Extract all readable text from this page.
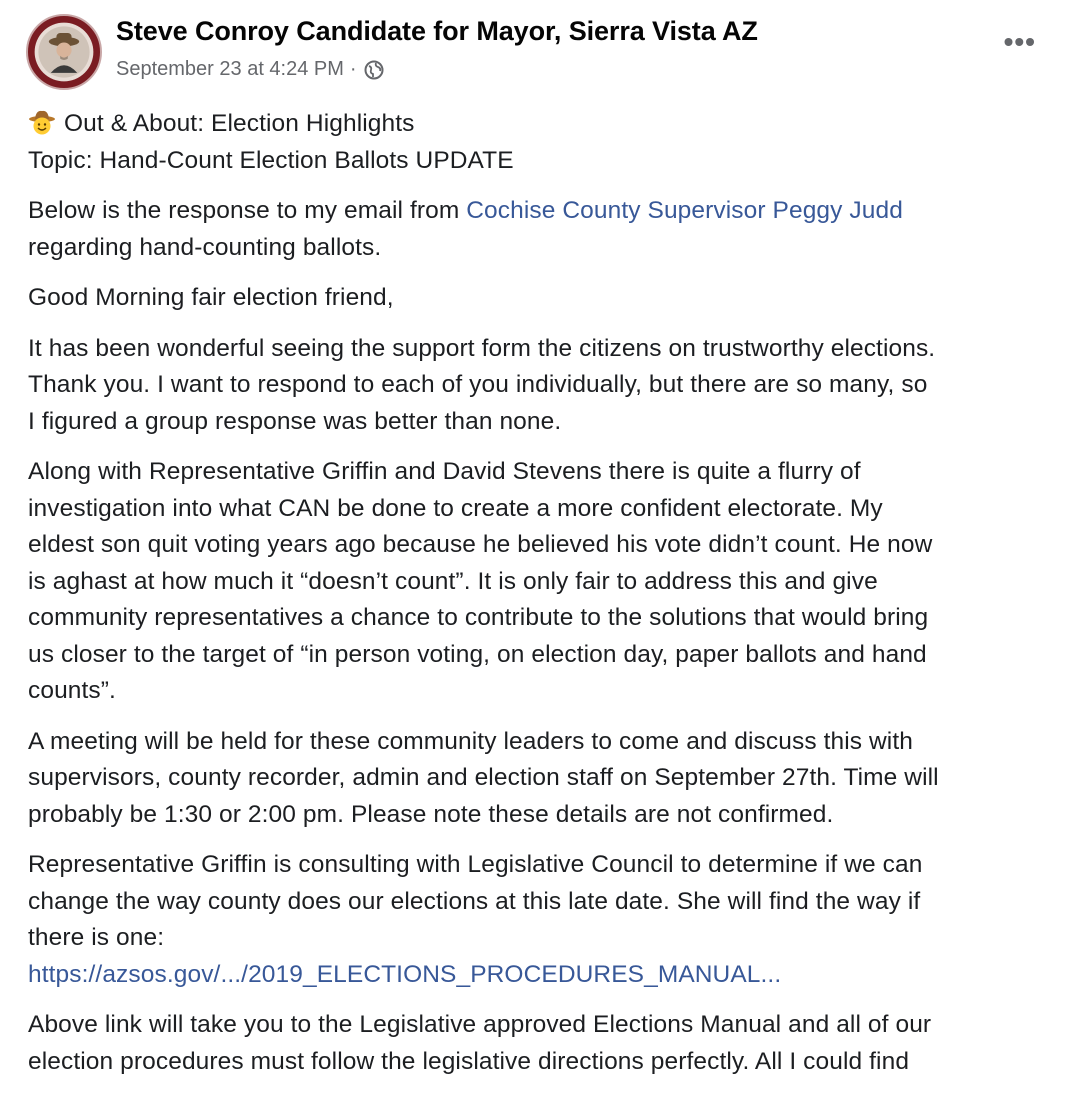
Steve Conroy Candidate for Mayor, Sierra Vista AZ
September 23 at 4:24 PM ·
•••

Out & About: Election Highlights
Topic: Hand-Count Election Ballots UPDATE

Below is the response to my email from Cochise County Supervisor Peggy Judd
regarding hand-counting ballots.

Good Morning fair election friend,

It has been wonderful seeing the support form the citizens on trustworthy elections.
Thank you. I want to respond to each of you individually, but there are so many, so
I figured a group response was better than none.

Along with Representative Griffin and David Stevens there is quite a flurry of
investigation into what CAN be done to create a more confident electorate. My
eldest son quit voting years ago because he believed his vote didn’t count. He now
is aghast at how much it “doesn’t count”. It is only fair to address this and give
community representatives a chance to contribute to the solutions that would bring
us closer to the target of “in person voting, on election day, paper ballots and hand
counts”.

A meeting will be held for these community leaders to come and discuss this with
supervisors, county recorder, admin and election staff on September 27th. Time will
probably be 1:30 or 2:00 pm. Please note these details are not confirmed.

Representative Griffin is consulting with Legislative Council to determine if we can
change the way county does our elections at this late date. She will find the way if
there is one:
https://azsos.gov/.../2019_ELECTIONS_PROCEDURES_MANUAL...

Above link will take you to the Legislative approved Elections Manual and all of our
election procedures must follow the legislative directions perfectly. All I could find
